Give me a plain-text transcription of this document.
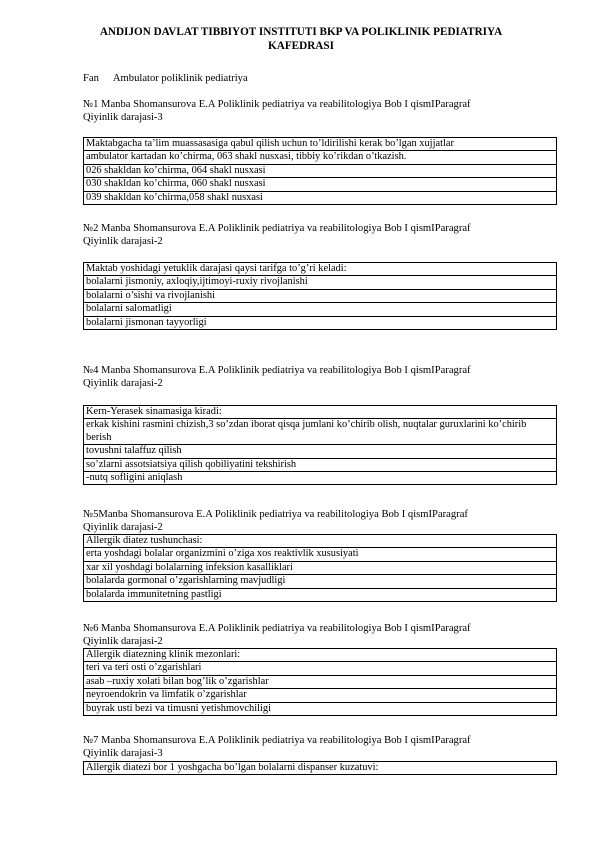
ANDIJON DAVLAT TIBBIYOT INSTITUTI BKP VA POLIKLINIK PEDIATRIYA
KAFEDRASI
Fan Ambulator poliklinik pediatriya
№1 Manba Shomansurova E.A Poliklinik pediatriya va reabilitologiya Bob I qismIParagraf
Qiyinlik darajasi-3
Maktabgacha ta’lim muassasasiga qabul qilish uchun to’ldirilishi kerak bo’lgan xujjatlar
ambulator kartadan ko’chirma, 063 shakl nusxasi, tibbiy ko’rikdan o’tkazish.
026 shakldan ko’chirma, 064 shakl nusxasi
030 shakldan ko’chirma, 060 shakl nusxasi
039 shakldan ko’chirma,058 shakl nusxasi
№2 Manba Shomansurova E.A Poliklinik pediatriya va reabilitologiya Bob I qismIParagraf
Qiyinlik darajasi-2
Maktab yoshidagi yetuklik darajasi qaysi tarifga to’g’ri keladi:
bolalarni jismoniy, axloqiy,ijtimoyi-ruxiy rivojlanishi
bolalarni o’sishi va rivojlanishi
bolalarni salomatligi
bolalarni jismonan tayyorligi
№4 Manba Shomansurova E.A Poliklinik pediatriya va reabilitologiya Bob I qismIParagraf
Qiyinlik darajasi-2
Kern-Yerasek sinamasiga kiradi:
erkak kishini rasmini chizish,3 so’zdan iborat qisqa jumlani ko’chirib olish, nuqtalar guruxlarini ko’chirib berish
tovushni talaffuz qilish
so’zlarni assotsiatsiya qilish qobiliyatini tekshirish
-nutq sofligini aniqlash
№5Manba Shomansurova E.A Poliklinik pediatriya va reabilitologiya Bob I qismIParagraf
Qiyinlik darajasi-2
Allergik diatez tushunchasi:
erta yoshdagi bolalar organizmini o’ziga xos reaktivlik xususiyati
xar xil yoshdagi bolalarning infeksion kasalliklari
bolalarda gormonal o’zgarishlarning mavjudligi
bolalarda immunitetning pastligi
№6 Manba Shomansurova E.A Poliklinik pediatriya va reabilitologiya Bob I qismIParagraf
Qiyinlik darajasi-2
Allergik diatezning klinik mezonlari:
teri va teri osti o’zgarishlari
asab –ruxiy xolati bilan bog’lik o’zgarishlar
neyroendokrin va limfatik o’zgarishlar
buyrak usti bezi va timusni yetishmovchiligi
№7 Manba Shomansurova E.A Poliklinik pediatriya va reabilitologiya Bob I qismIParagraf
Qiyinlik darajasi-3
Allergik diatezi bor 1 yoshgacha bo’lgan bolalarni dispanser kuzatuvi:
